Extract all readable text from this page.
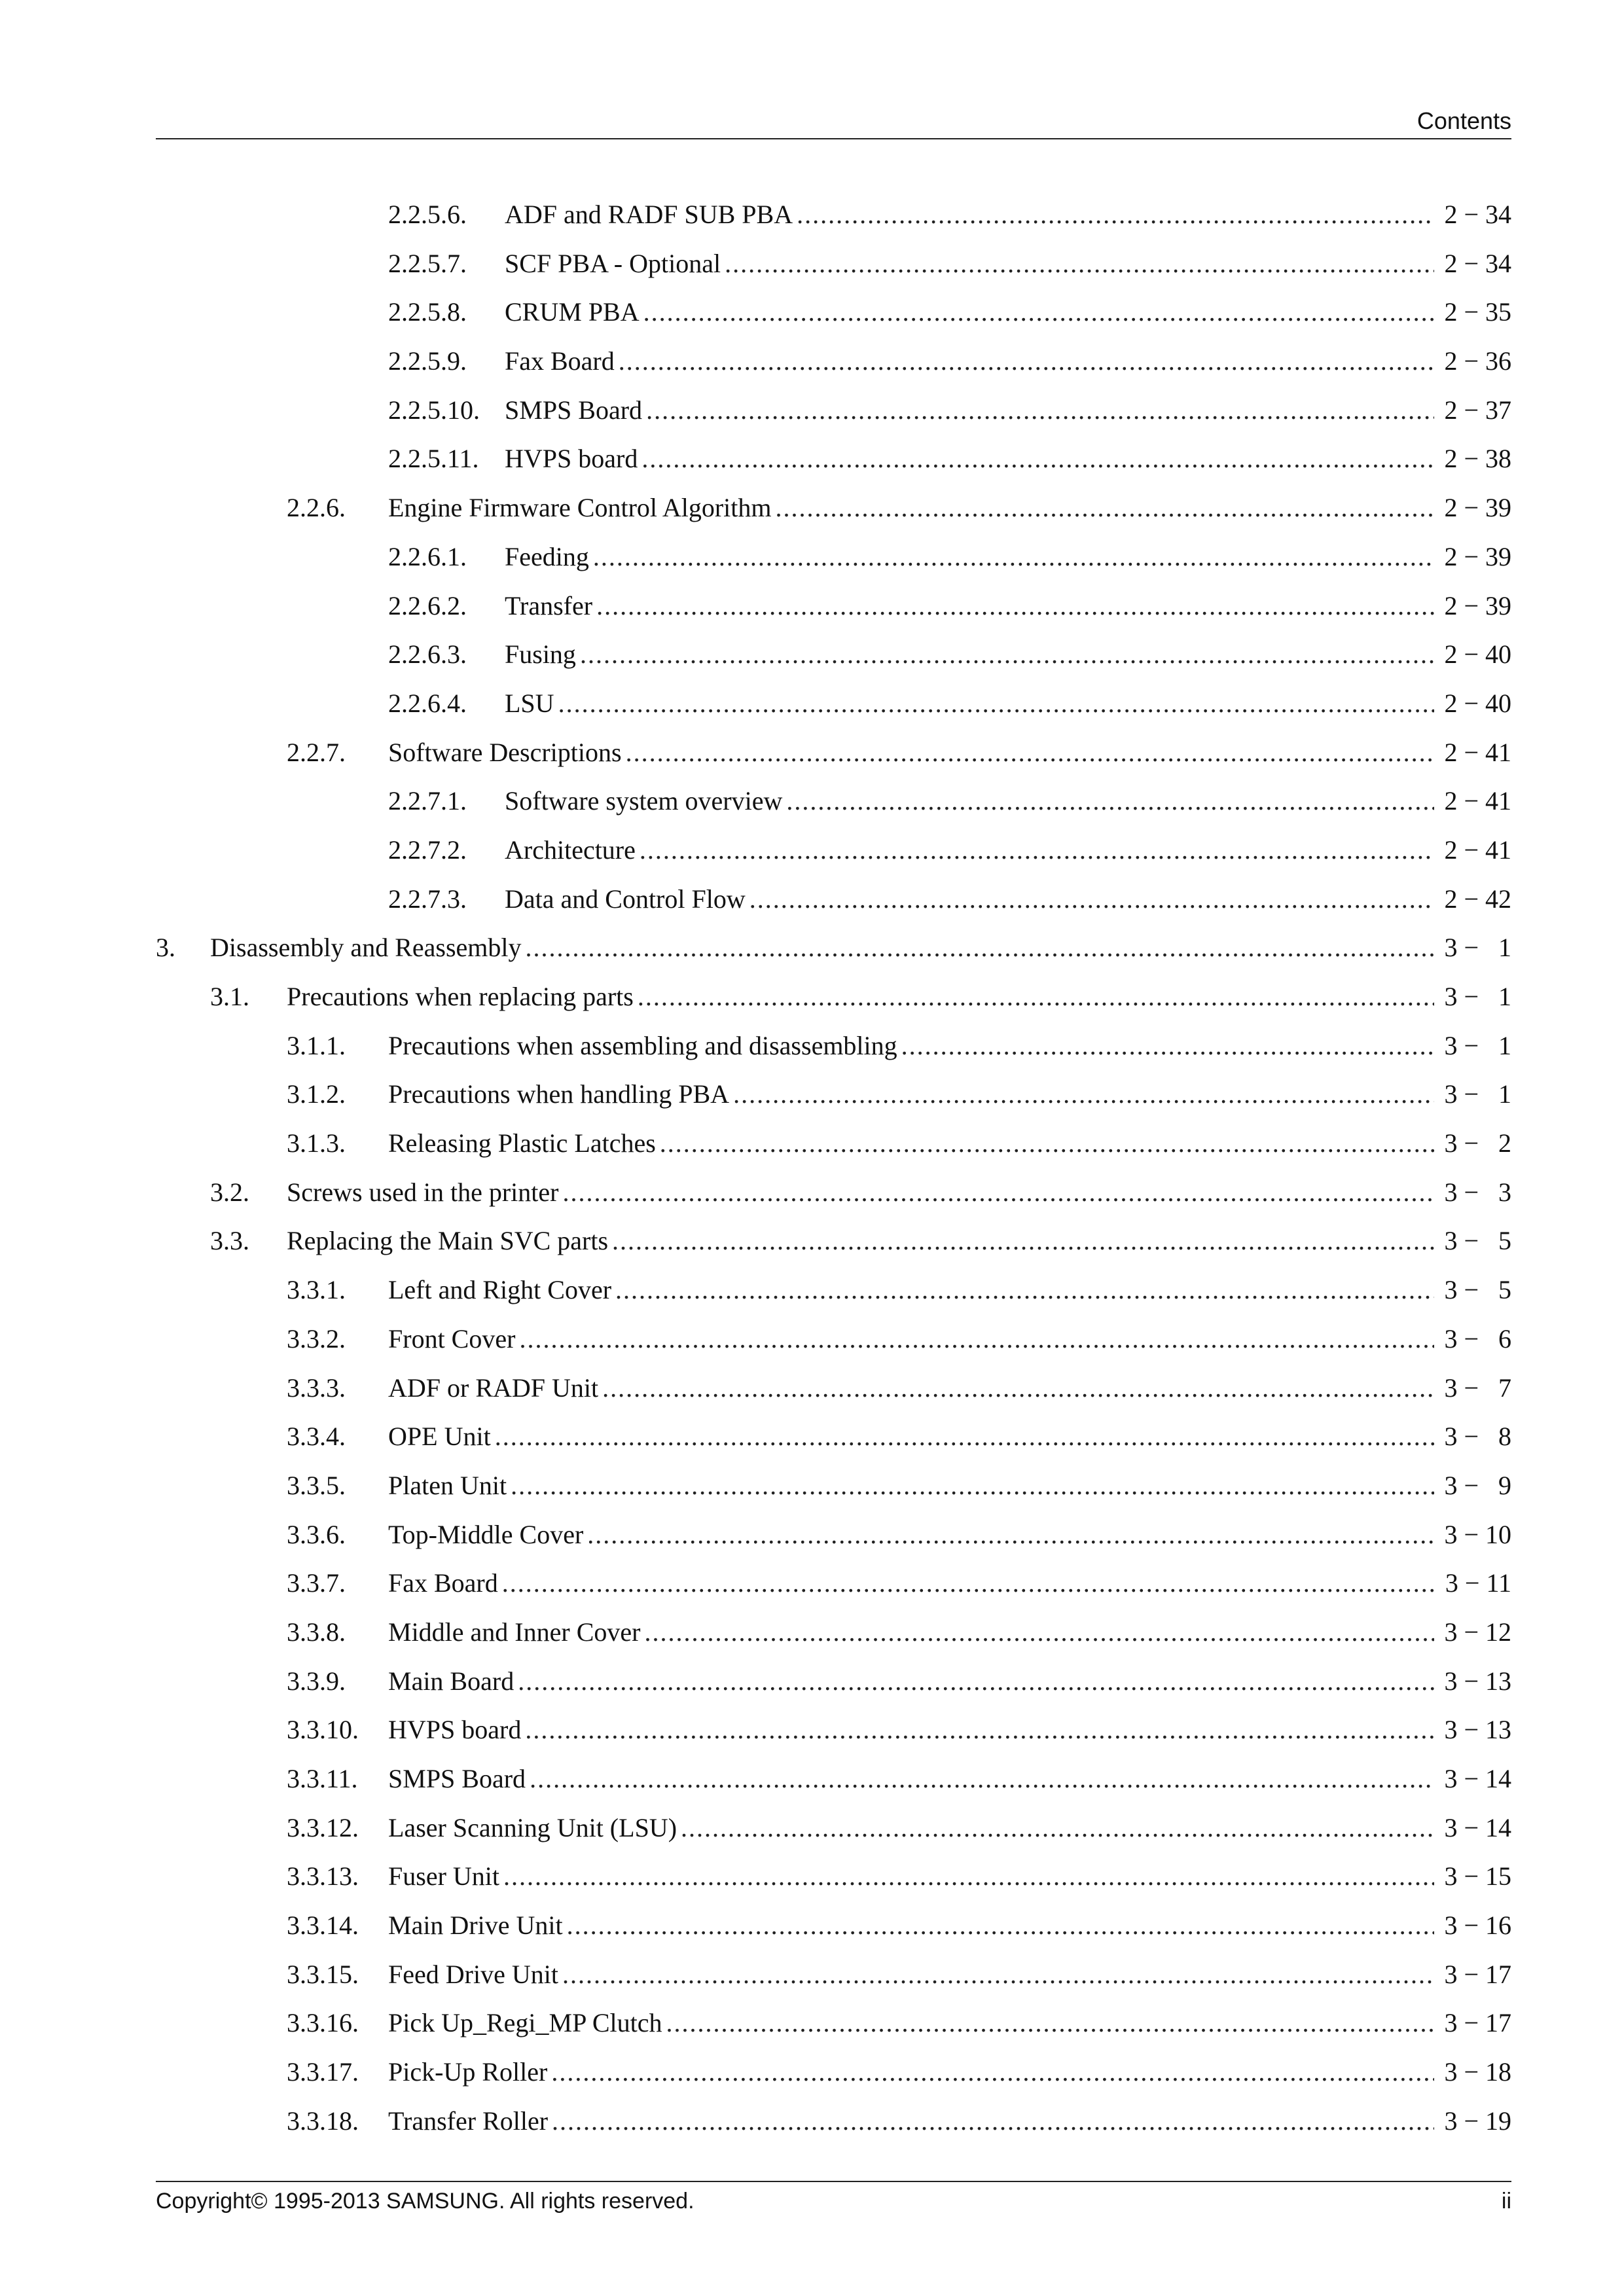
Contents
2.2.5.6. ADF and RADF SUB PBA .....	2 − 34
2.2.5.7. SCF PBA - Optional .....	2 − 34
2.2.5.8. CRUM PBA .....	2 − 35
2.2.5.9. Fax Board .....	2 − 36
2.2.5.10. SMPS Board .....	2 − 37
2.2.5.11. HVPS board .....	2 − 38
2.2.6. Engine Firmware Control Algorithm .....	2 − 39
2.2.6.1. Feeding .....	2 − 39
2.2.6.2. Transfer .....	2 − 39
2.2.6.3. Fusing .....	2 − 40
2.2.6.4. LSU .....	2 − 40
2.2.7. Software Descriptions .....	2 − 41
2.2.7.1. Software system overview .....	2 − 41
2.2.7.2. Architecture .....	2 − 41
2.2.7.3. Data and Control Flow .....	2 − 42
3. Disassembly and Reassembly .....	3 −   1
3.1. Precautions when replacing parts .....	3 −   1
3.1.1. Precautions when assembling and disassembling .....	3 −   1
3.1.2. Precautions when handling PBA .....	3 −   1
3.1.3. Releasing Plastic Latches .....	3 −   2
3.2. Screws used in the printer .....	3 −   3
3.3. Replacing the Main SVC parts .....	3 −   5
3.3.1. Left and Right Cover .....	3 −   5
3.3.2. Front Cover .....	3 −   6
3.3.3. ADF or RADF Unit .....	3 −   7
3.3.4. OPE Unit .....	3 −   8
3.3.5. Platen Unit .....	3 −   9
3.3.6. Top-Middle Cover .....	3 − 10
3.3.7. Fax Board .....	3 − 11
3.3.8. Middle and Inner Cover .....	3 − 12
3.3.9. Main Board .....	3 − 13
3.3.10. HVPS board .....	3 − 13
3.3.11. SMPS Board .....	3 − 14
3.3.12. Laser Scanning Unit (LSU) .....	3 − 14
3.3.13. Fuser Unit .....	3 − 15
3.3.14. Main Drive Unit .....	3 − 16
3.3.15. Feed Drive Unit .....	3 − 17
3.3.16. Pick Up_Regi_MP Clutch .....	3 − 17
3.3.17. Pick-Up Roller .....	3 − 18
3.3.18. Transfer Roller .....	3 − 19
Copyright© 1995-2013 SAMSUNG. All rights reserved.	ii
